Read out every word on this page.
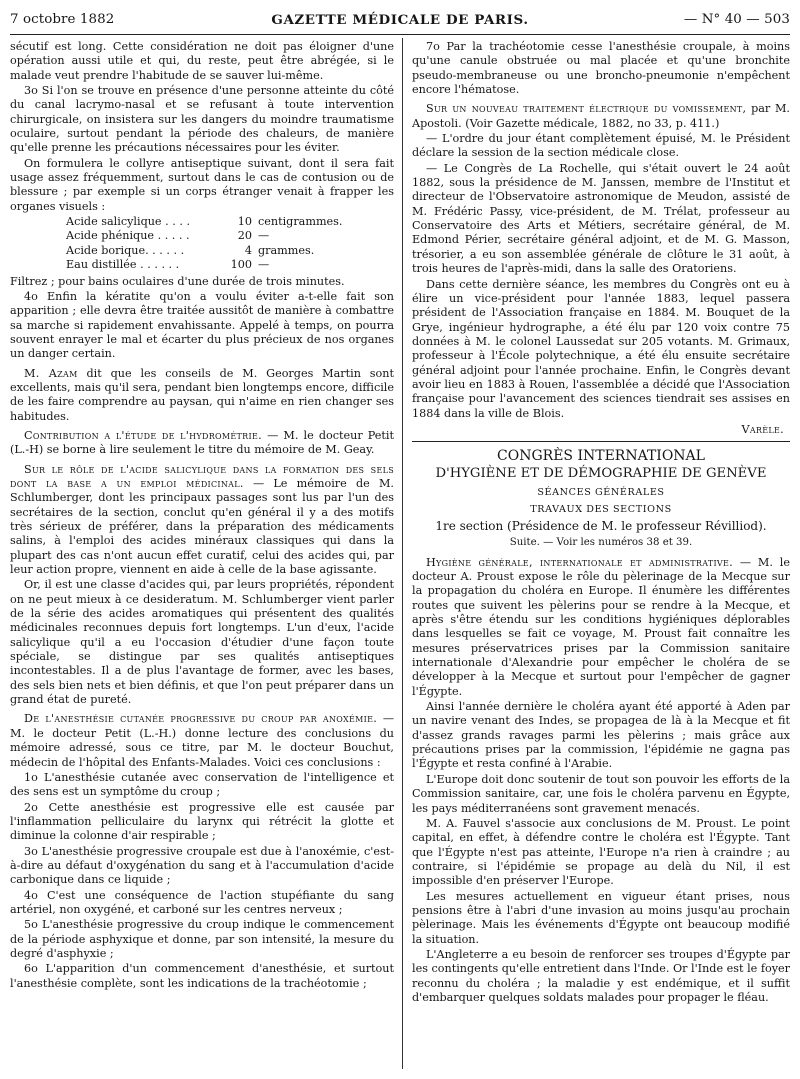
7 octobre 1882	GAZETTE MÉDICALE DE PARIS.	— N° 40 — 503

sécutif est long. Cette considération ne doit pas éloigner d'une opération aussi utile et qui, du reste, peut être abrégée, si le malade veut prendre l'habitude de se sauver lui-même.

3o Si l'on se trouve en présence d'une personne atteinte du côté du canal lacrymo-nasal et se refusant à toute intervention chirurgicale, on insistera sur les dangers du moindre traumatisme oculaire, surtout pendant la période des chaleurs, de manière qu'elle prenne les précautions nécessaires pour les éviter.

On formulera le collyre antiseptique suivant, dont il sera fait usage assez fréquemment, surtout dans le cas de contusion ou de blessure ; par exemple si un corps étranger venait à frapper les organes visuels :

Acide salicylique . . . .	10 centigrammes.
Acide phénique . . . . .	20 —
Acide borique. . . . . .	4 grammes.
Eau distillée . . . . . .	100 —

Filtrez ; pour bains oculaires d'une durée de trois minutes.

4o Enfin la kératite qu'on a voulu éviter a-t-elle fait son apparition ; elle devra être traitée aussitôt de manière à combattre sa marche si rapidement envahissante. Appelé à temps, on pourra souvent enrayer le mal et écarter du plus précieux de nos organes un danger certain.

M. Azam dit que les conseils de M. Georges Martin sont excellents, mais qu'il sera, pendant bien longtemps encore, difficile de les faire comprendre au paysan, qui n'aime en rien changer ses habitudes.

Contribution a l'étude de l'hydrométrie. — M. le docteur Petit (L.-H) se borne à lire seulement le titre du mémoire de M. Geay.

Sur le rôle de l'acide salicylique dans la formation des sels dont la base a un emploi médicinal. — Le mémoire de M. Schlumberger, dont les principaux passages sont lus par l'un des secrétaires de la section, conclut qu'en général il y a des motifs très sérieux de préférer, dans la préparation des médicaments salins, à l'emploi des acides minéraux classiques qui dans la plupart des cas n'ont aucun effet curatif, celui des acides qui, par leur action propre, viennent en aide à celle de la base agissante.

Or, il est une classe d'acides qui, par leurs propriétés, répondent on ne peut mieux à ce desideratum. M. Schlumberger vient parler de la série des acides aromatiques qui présentent des qualités médicinales reconnues depuis fort longtemps. L'un d'eux, l'acide salicylique qu'il a eu l'occasion d'étudier d'une façon toute spéciale, se distingue par ses qualités antiseptiques incontestables. Il a de plus l'avantage de former, avec les bases, des sels bien nets et bien définis, et que l'on peut préparer dans un grand état de pureté.

De l'anesthésie cutanée progressive du croup par anoxémie. — M. le docteur Petit (L.-H.) donne lecture des conclusions du mémoire adressé, sous ce titre, par M. le docteur Bouchut, médecin de l'hôpital des Enfants-Malades. Voici ces conclusions :

1o L'anesthésie cutanée avec conservation de l'intelligence et des sens est un symptôme du croup ;

2o Cette anesthésie est progressive elle est causée par l'inflammation pelliculaire du larynx qui rétrécit la glotte et diminue la colonne d'air respirable ;

3o L'anesthésie progressive croupale est due à l'anoxémie, c'est-à-dire au défaut d'oxygénation du sang et à l'accumulation d'acide carbonique dans ce liquide ;

4o C'est une conséquence de l'action stupéfiante du sang artériel, non oxygéné, et carboné sur les centres nerveux ;

5o L'anesthésie progressive du croup indique le commencement de la période asphyxique et donne, par son intensité, la mesure du degré d'asphyxie ;

6o L'apparition d'un commencement d'anesthésie, et surtout l'anesthésie complète, sont les indications de la trachéotomie ;

7o Par la trachéotomie cesse l'anesthésie croupale, à moins qu'une canule obstruée ou mal placée et qu'une bronchite pseudo-membraneuse ou une broncho-pneumonie n'empêchent encore l'hématose.

Sur un nouveau traitement électrique du vomissement, par M. Apostoli. (Voir Gazette médicale, 1882, no 33, p. 411.)

— L'ordre du jour étant complètement épuisé, M. le Président déclare la session de la section médicale close.

— Le Congrès de La Rochelle, qui s'était ouvert le 24 août 1882, sous la présidence de M. Janssen, membre de l'Institut et directeur de l'Observatoire astronomique de Meudon, assisté de M. Frédéric Passy, vice-président, de M. Trélat, professeur au Conservatoire des Arts et Métiers, secrétaire général, de M. Edmond Périer, secrétaire général adjoint, et de M. G. Masson, trésorier, a eu son assemblée générale de clôture le 31 août, à trois heures de l'après-midi, dans la salle des Oratoriens.

Dans cette dernière séance, les membres du Congrès ont eu à élire un vice-président pour l'année 1883, lequel passera président de l'Association française en 1884. M. Bouquet de la Grye, ingénieur hydrographe, a été élu par 120 voix contre 75 données à M. le colonel Laussedat sur 205 votants. M. Grimaux, professeur à l'École polytechnique, a été élu ensuite secrétaire général adjoint pour l'année prochaine. Enfin, le Congrès devant avoir lieu en 1883 à Rouen, l'assemblée a décidé que l'Association française pour l'avancement des sciences tiendrait ses assises en 1884 dans la ville de Blois.

Varèle.
CONGRÈS INTERNATIONAL
D'HYGIÈNE ET DE DÉMOGRAPHIE DE GENÈVE
SÉANCES GÉNÉRALES
TRAVAUX DES SECTIONS
1re section (Présidence de M. le professeur Révilliod).
Suite. — Voir les numéros 38 et 39.

Hygiène générale, internationale et administrative. — M. le docteur A. Proust expose le rôle du pèlerinage de la Mecque sur la propagation du choléra en Europe. Il énumère les différentes routes que suivent les pèlerins pour se rendre à la Mecque, et après s'être étendu sur les conditions hygiéniques déplorables dans lesquelles se fait ce voyage, M. Proust fait connaître les mesures préservatrices prises par la Commission sanitaire internationale d'Alexandrie pour empêcher le choléra de se développer à la Mecque et surtout pour l'empêcher de gagner l'Égypte.

Ainsi l'année dernière le choléra ayant été apporté à Aden par un navire venant des Indes, se propagea de là à la Mecque et fit d'assez grands ravages parmi les pèlerins ; mais grâce aux précautions prises par la commission, l'épidémie ne gagna pas l'Égypte et resta confiné à l'Arabie.

L'Europe doit donc soutenir de tout son pouvoir les efforts de la Commission sanitaire, car, une fois le choléra parvenu en Égypte, les pays méditerranéens sont gravement menacés.

M. A. Fauvel s'associe aux conclusions de M. Proust. Le point capital, en effet, à défendre contre le choléra est l'Égypte. Tant que l'Égypte n'est pas atteinte, l'Europe n'a rien à craindre ; au contraire, si l'épidémie se propage au delà du Nil, il est impossible d'en préserver l'Europe.

Les mesures actuellement en vigueur étant prises, nous pensions être à l'abri d'une invasion au moins jusqu'au prochain pèlerinage. Mais les événements d'Égypte ont beaucoup modifié la situation.

L'Angleterre a eu besoin de renforcer ses troupes d'Égypte par les contingents qu'elle entretient dans l'Inde. Or l'Inde est le foyer reconnu du choléra ; la maladie y est endémique, et il suffit d'embarquer quelques soldats malades pour propager le fléau.
